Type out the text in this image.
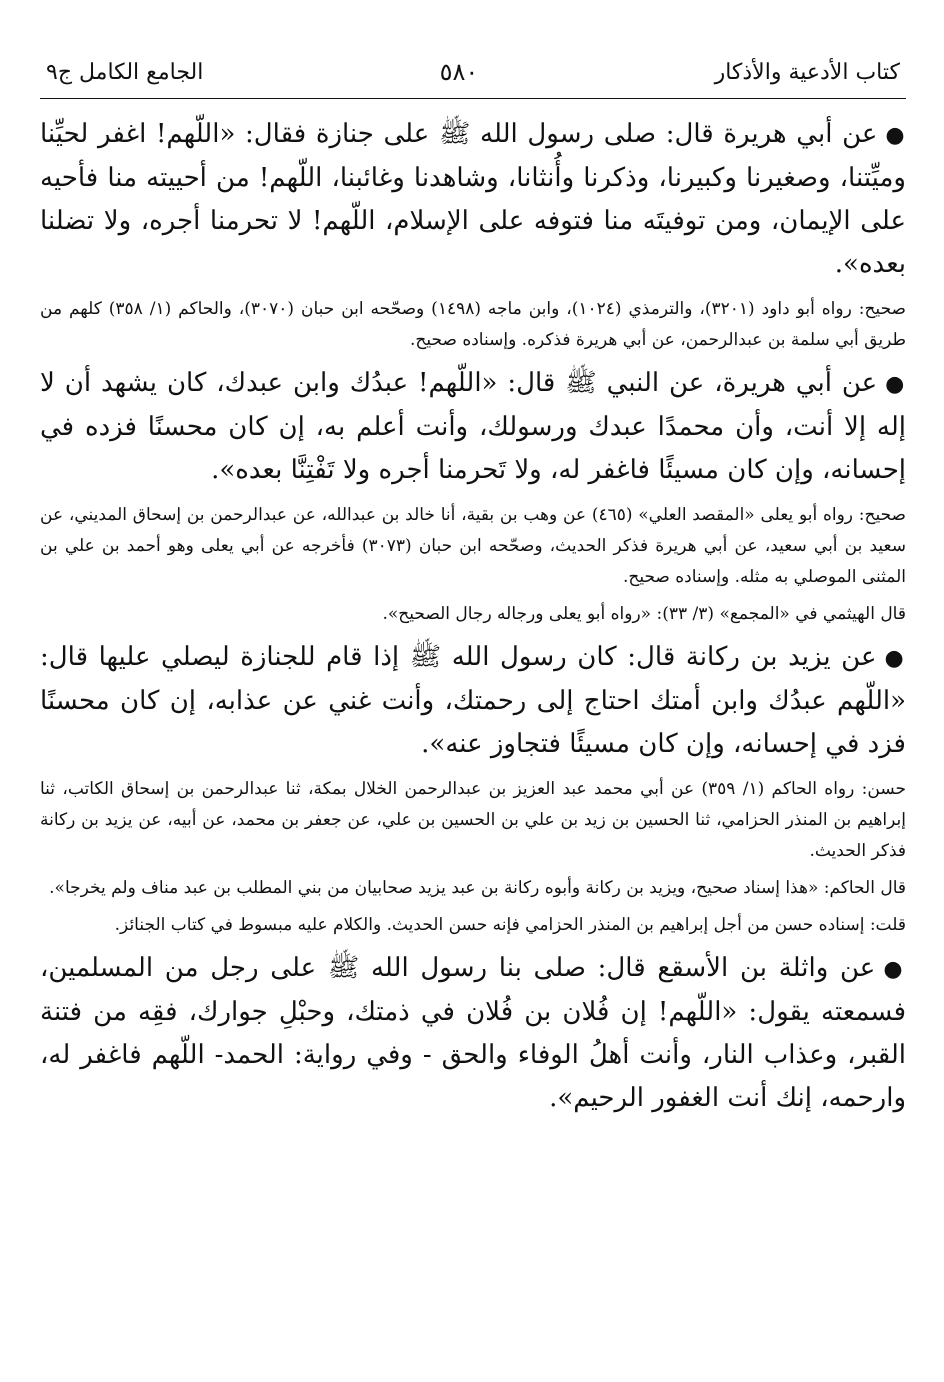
كتاب الأدعية والأذكار
٥٨٠
الجامع الكامل ج٩

●عن أبي هريرة قال: صلى رسول الله ﷺ على جنازة فقال: «اللّهم! اغفر لحيِّنا وميِّتنا، وصغيرنا وكبيرنا، وذكرنا وأُنثانا، وشاهدنا وغائبنا، اللّهم! من أحييته منا فأحيه على الإيمان، ومن توفيتَه منا فتوفه على الإسلام، اللّهم! لا تحرمنا أجره، ولا تضلنا بعده».

صحيح: رواه أبو داود (٣٢٠١)، والترمذي (١٠٢٤)، وابن ماجه (١٤٩٨) وصحّحه ابن حبان (٣٠٧٠)، والحاكم (١/ ٣٥٨) كلهم من طريق أبي سلمة بن عبدالرحمن، عن أبي هريرة فذكره. وإسناده صحيح.

●عن أبي هريرة، عن النبي ﷺ قال: «اللّهم! عبدُك وابن عبدك، كان يشهد أن لا إله إلا أنت، وأن محمدًا عبدك ورسولك، وأنت أعلم به، إن كان محسنًا فزده في إحسانه، وإن كان مسيئًا فاغفر له، ولا تَحرمنا أجره ولا تَفْتِنَّا بعده».

صحيح: رواه أبو يعلى «المقصد العلي» (٤٦٥) عن وهب بن بقية، أنا خالد بن عبدالله، عن عبدالرحمن بن إسحاق المديني، عن سعيد بن أبي سعيد، عن أبي هريرة فذكر الحديث، وصحّحه ابن حبان (٣٠٧٣) فأخرجه عن أبي يعلى وهو أحمد بن علي بن المثنى الموصلي به مثله. وإسناده صحيح.

قال الهيثمي في «المجمع» (٣/ ٣٣): «رواه أبو يعلى ورجاله رجال الصحيح».

●عن يزيد بن ركانة قال: كان رسول الله ﷺ إذا قام للجنازة ليصلي عليها قال: «اللّهم عبدُك وابن أمتك احتاج إلى رحمتك، وأنت غني عن عذابه، إن كان محسنًا فزد في إحسانه، وإن كان مسيئًا فتجاوز عنه».

حسن: رواه الحاكم (١/ ٣٥٩) عن أبي محمد عبد العزيز بن عبدالرحمن الخلال بمكة، ثنا عبدالرحمن بن إسحاق الكاتب، ثنا إبراهيم بن المنذر الحزامي، ثنا الحسين بن زيد بن علي بن الحسين بن علي، عن جعفر بن محمد، عن أبيه، عن يزيد بن ركانة فذكر الحديث.

قال الحاكم: «هذا إسناد صحيح، ويزيد بن ركانة وأبوه ركانة بن عبد يزيد صحابيان من بني المطلب بن عبد مناف ولم يخرجا».

قلت: إسناده حسن من أجل إبراهيم بن المنذر الحزامي فإنه حسن الحديث. والكلام عليه مبسوط في كتاب الجنائز.

●عن واثلة بن الأسقع قال: صلى بنا رسول الله ﷺ على رجل من المسلمين، فسمعته يقول: «اللّهم! إن فُلان بن فُلان في ذمتك، وحبْلِ جوارك، فقِه من فتنة القبر، وعذاب النار، وأنت أهلُ الوفاء والحق - وفي رواية: الحمد- اللّهم فاغفر له، وارحمه، إنك أنت الغفور الرحيم».
